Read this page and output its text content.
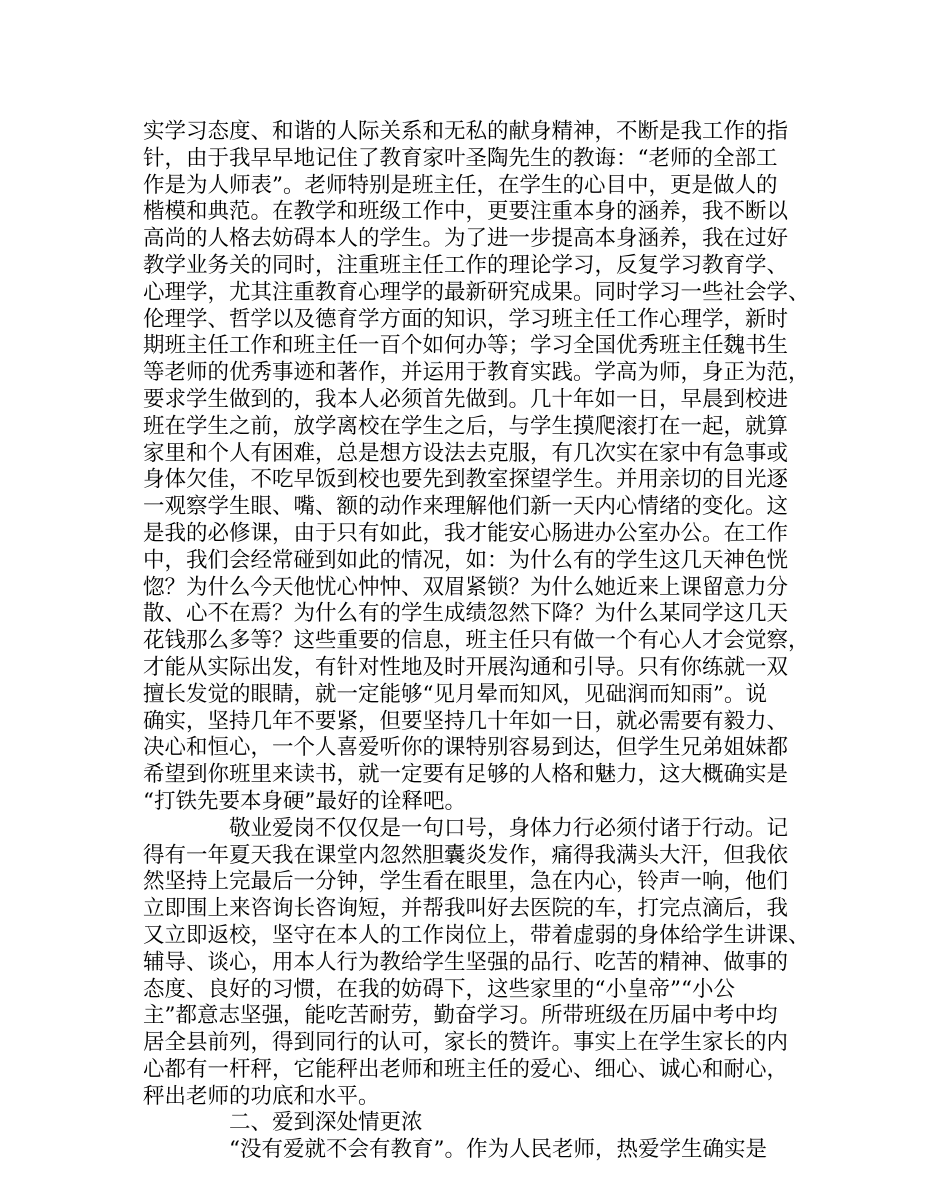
实学习态度、和谐的人际关系和无私的献身精神，不断是我工作的指
针，由于我早早地记住了教育家叶圣陶先生的教诲：“老师的全部工
作是为人师表”。老师特别是班主任，在学生的心目中，更是做人的
楷模和典范。在教学和班级工作中，更要注重本身的涵养，我不断以
高尚的人格去妨碍本人的学生。为了进一步提高本身涵养，我在过好
教学业务关的同时，注重班主任工作的理论学习，反复学习教育学、
心理学，尤其注重教育心理学的最新研究成果。同时学习一些社会学、
伦理学、哲学以及德育学方面的知识，学习班主任工作心理学，新时
期班主任工作和班主任一百个如何办等；学习全国优秀班主任魏书生
等老师的优秀事迹和著作，并运用于教育实践。学高为师，身正为范，
要求学生做到的，我本人必须首先做到。几十年如一日，早晨到校进
班在学生之前，放学离校在学生之后，与学生摸爬滚打在一起，就算
家里和个人有困难，总是想方设法去克服，有几次实在家中有急事或
身体欠佳，不吃早饭到校也要先到教室探望学生。并用亲切的目光逐
一观察学生眼、嘴、额的动作来理解他们新一天内心情绪的变化。这
是我的必修课，由于只有如此，我才能安心肠进办公室办公。在工作
中，我们会经常碰到如此的情况，如：为什么有的学生这几天神色恍
惚？为什么今天他忧心忡忡、双眉紧锁？为什么她近来上课留意力分
散、心不在焉？为什么有的学生成绩忽然下降？为什么某同学这几天
花钱那么多等？这些重要的信息，班主任只有做一个有心人才会觉察，
才能从实际出发，有针对性地及时开展沟通和引导。只有你练就一双
擅长发觉的眼睛，就一定能够“见月晕而知风，见础润而知雨”。说
确实，坚持几年不要紧，但要坚持几十年如一日，就必需要有毅力、
决心和恒心，一个人喜爱听你的课特别容易到达，但学生兄弟姐妹都
希望到你班里来读书，就一定要有足够的人格和魅力，这大概确实是
“打铁先要本身硬”最好的诠释吧。
　　　　敬业爱岗不仅仅是一句口号，身体力行必须付诸于行动。记
得有一年夏天我在课堂内忽然胆囊炎发作，痛得我满头大汗，但我依
然坚持上完最后一分钟，学生看在眼里，急在内心，铃声一响，他们
立即围上来咨询长咨询短，并帮我叫好去医院的车，打完点滴后，我
又立即返校，坚守在本人的工作岗位上，带着虚弱的身体给学生讲课、
辅导、谈心，用本人行为教给学生坚强的品行、吃苦的精神、做事的
态度、良好的习惯，在我的妨碍下，这些家里的“小皇帝”“小公
主”都意志坚强，能吃苦耐劳，勤奋学习。所带班级在历届中考中均
居全县前列，得到同行的认可，家长的赞许。事实上在学生家长的内
心都有一杆秤，它能秤出老师和班主任的爱心、细心、诚心和耐心，
秤出老师的功底和水平。
　　　　二、爱到深处情更浓
　　　　“没有爱就不会有教育”。作为人民老师，热爱学生确实是
